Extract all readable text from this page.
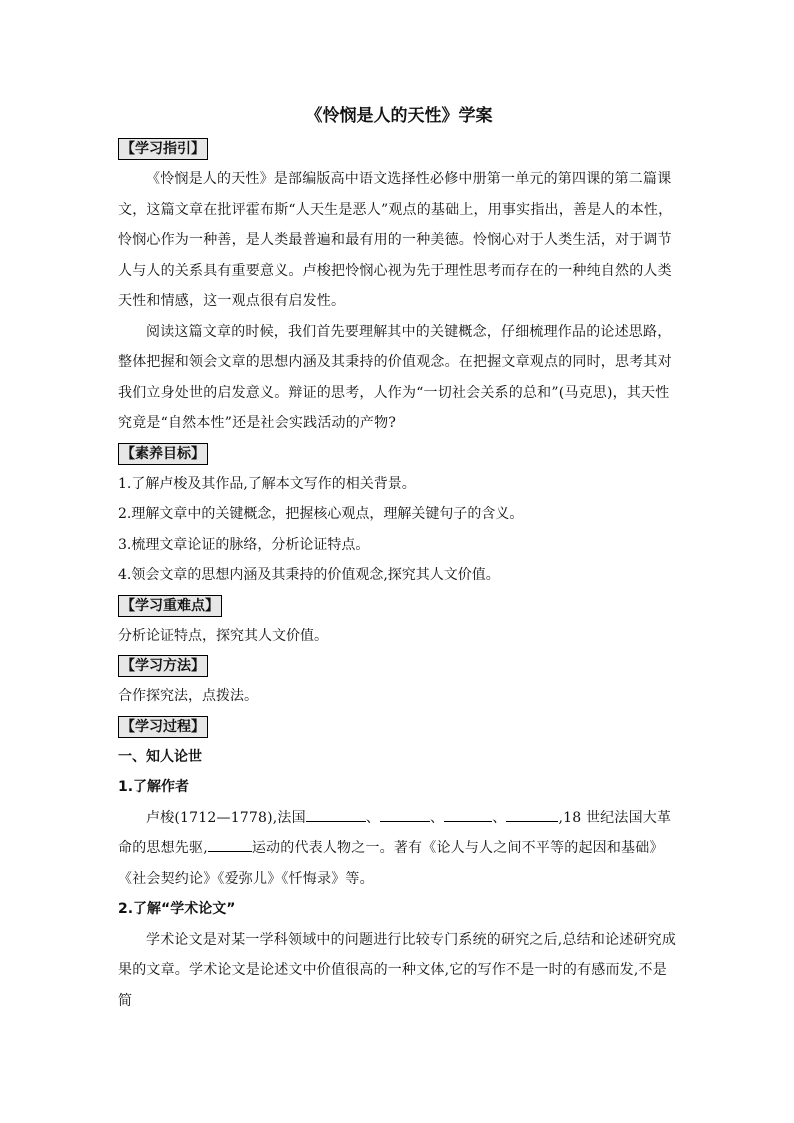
《怜悯是人的天性》学案
【学习指引】

《怜悯是人的天性》是部编版高中语文选择性必修中册第一单元的第四课的第二篇课文，这篇文章在批评霍布斯“人天生是恶人”观点的基础上，用事实指出，善是人的本性，怜悯心作为一种善，是人类最普遍和最有用的一种美德。怜悯心对于人类生活，对于调节人与人的关系具有重要意义。卢梭把怜悯心视为先于理性思考而存在的一种纯自然的人类天性和情感，这一观点很有启发性。

阅读这篇文章的时候，我们首先要理解其中的关键概念，仔细梳理作品的论述思路，整体把握和领会文章的思想内涵及其秉持的价值观念。在把握文章观点的同时，思考其对我们立身处世的启发意义。辩证的思考，人作为“一切社会关系的总和”(马克思)，其天性究竟是“自然本性”还是社会实践活动的产物?

【素养目标】

1.了解卢梭及其作品,了解本文写作的相关背景。

2.理解文章中的关键概念，把握核心观点，理解关键句子的含义。

3.梳理文章论证的脉络，分析论证特点。

4.领会文章的思想内涵及其秉持的价值观念,探究其人文价值。

【学习重难点】

分析论证特点，探究其人文价值。

【学习方法】

合作探究法，点拨法。

【学习过程】

一、知人论世

1.了解作者

卢梭(1712—1778),法国	、	、	、	,18 世纪法国大革命的思想先驱,	运动的代表人物之一。著有《论人与人之间不平等的起因和基础》《社会契约论》《爱弥儿》《忏悔录》等。

2.了解“学术论文”

学术论文是对某一学科领域中的问题进行比较专门系统的研究之后,总结和论述研究成果的文章。学术论文是论述文中价值很高的一种文体,它的写作不是一时的有感而发,不是简
